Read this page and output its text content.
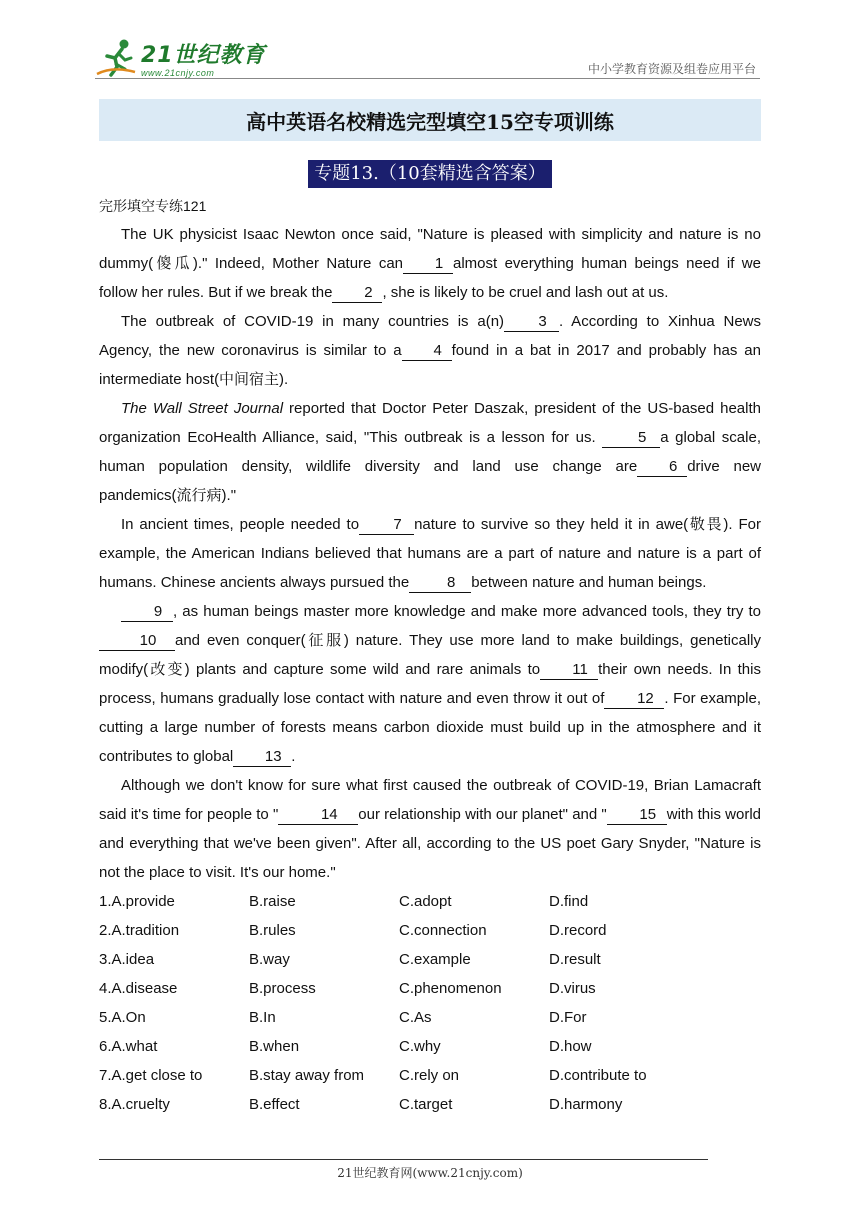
21世纪教育
www.21cnjy.com	中小学教育资源及组卷应用平台
高中英语名校精选完型填空15空专项训练
专题13.（10套精选含答案）
完形填空专练121

The UK physicist Isaac Newton once said, "Nature is pleased with simplicity and nature is no dummy(傻瓜)." Indeed, Mother Nature can 1 almost everything human beings need if we follow her rules. But if we break the 2 , she is likely to be cruel and lash out at us.

The outbreak of COVID-19 in many countries is a(n) 3 . According to Xinhua News Agency, the new coronavirus is similar to a 4 found in a bat in 2017 and probably has an intermediate host(中间宿主).

The Wall Street Journal reported that Doctor Peter Daszak, president of the US-based health organization EcoHealth Alliance, said, "This outbreak is a lesson for us. 5 a global scale, human population density, wildlife diversity and land use change are 6 drive new pandemics(流行病)."

In ancient times, people needed to 7 nature to survive so they held it in awe(敬畏). For example, the American Indians believed that humans are a part of nature and nature is a part of humans. Chinese ancients always pursued the	8 between nature and human beings.

9 , as human beings master more knowledge and make more advanced tools, they try to10 and even conquer(征服) nature. They use more land to make buildings, genetically modify(改变) plants and capture some wild and rare animals to 11 their own needs. In this process, humans gradually lose contact with nature and even throw it out of 12 . For example, cutting a large number of forests means carbon dioxide must build up in the atmosphere and it contributes to global 13 .

Although we don't know for sure what first caused the outbreak of COVID-19, Brian Lamacraft said it's time for people to "	14 our relationship with our planet" and " 15 with this world and everything that we've been given". After all, according to the US poet Gary Snyder, "Nature is not the place to visit. It's our home."

1.A.provide	B.raise	C.adopt	D.find
2.A.tradition	B.rules	C.connection	D.record
3.A.idea	B.way	C.example	D.result
4.A.disease	B.process	C.phenomenon	D.virus
5.A.On	B.In	C.As	D.For
6.A.what	B.when	C.why	D.how
7.A.get close to	B.stay away from	C.rely on	D.contribute to
8.A.cruelty	B.effect	C.target	D.harmony
21世纪教育网(www.21cnjy.com)
